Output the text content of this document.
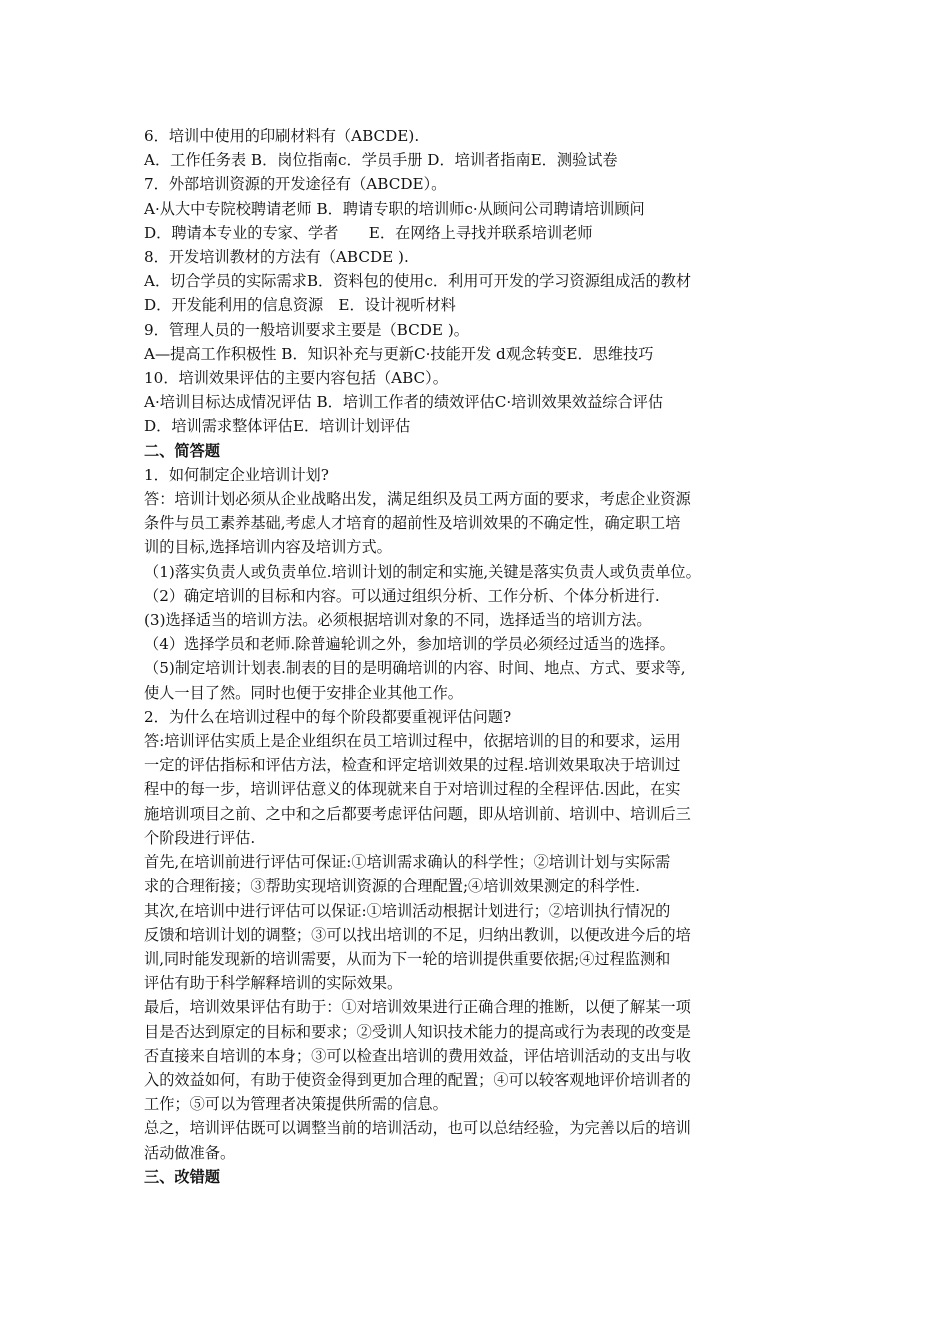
6．培训中使用的印刷材料有（ABCDE).
A．工作任务表 B．岗位指南c．学员手册 D．培训者指南E．测验试卷
7．外部培训资源的开发途径有（ABCDE）。
A·从大中专院校聘请老师 B．聘请专职的培训师c·从顾问公司聘请培训顾问
D．聘请本专业的专家、学者　　E．在网络上寻找并联系培训老师
8．开发培训教材的方法有（ABCDE ).
A．切合学员的实际需求B．资料包的使用c．利用可开发的学习资源组成活的教材
D．开发能利用的信息资源　E．设计视听材料
9．管理人员的一般培训要求主要是（BCDE )。
A—提高工作积极性 B．知识补充与更新C·技能开发 d观念转变E．思维技巧
10．培训效果评估的主要内容包括（ABC）。
A·培训目标达成情况评估 B．培训工作者的绩效评估C·培训效果效益综合评估
D．培训需求整体评估E．培训计划评估
二、简答题
1．如何制定企业培训计划?
答：培训计划必须从企业战略出发，满足组织及员工两方面的要求，考虑企业资源
条件与员工素养基础,考虑人才培育的超前性及培训效果的不确定性，确定职工培
训的目标,选择培训内容及培训方式。
（1)落实负责人或负责单位.培训计划的制定和实施,关键是落实负责人或负责单位。
（2）确定培训的目标和内容。可以通过组织分析、工作分析、个体分析进行.
(3)选择适当的培训方法。必须根据培训对象的不同，选择适当的培训方法。
（4）选择学员和老师.除普遍轮训之外，参加培训的学员必须经过适当的选择。
（5)制定培训计划表.制表的目的是明确培训的内容、时间、地点、方式、要求等,
使人一目了然。同时也便于安排企业其他工作。
2．为什么在培训过程中的每个阶段都要重视评估问题?
答:培训评估实质上是企业组织在员工培训过程中，依据培训的目的和要求，运用
一定的评估指标和评估方法，检查和评定培训效果的过程.培训效果取决于培训过
程中的每一步，培训评估意义的体现就来自于对培训过程的全程评估.因此，在实
施培训项目之前、之中和之后都要考虑评估问题，即从培训前、培训中、培训后三
个阶段进行评估.
首先,在培训前进行评估可保证:①培训需求确认的科学性；②培训计划与实际需
求的合理衔接；③帮助实现培训资源的合理配置;④培训效果测定的科学性.
其次,在培训中进行评估可以保证:①培训活动根据计划进行；②培训执行情况的
反馈和培训计划的调整；③可以找出培训的不足，归纳出教训，以便改进今后的培
训,同时能发现新的培训需要，从而为下一轮的培训提供重要依据;④过程监测和
评估有助于科学解释培训的实际效果。
最后，培训效果评估有助于：①对培训效果进行正确合理的推断，以便了解某一项
目是否达到原定的目标和要求；②受训人知识技术能力的提高或行为表现的改变是
否直接来自培训的本身；③可以检查出培训的费用效益，评估培训活动的支出与收
入的效益如何，有助于使资金得到更加合理的配置；④可以较客观地评价培训者的
工作；⑤可以为管理者决策提供所需的信息。
总之，培训评估既可以调整当前的培训活动，也可以总结经验，为完善以后的培训
活动做准备。
三、改错题
